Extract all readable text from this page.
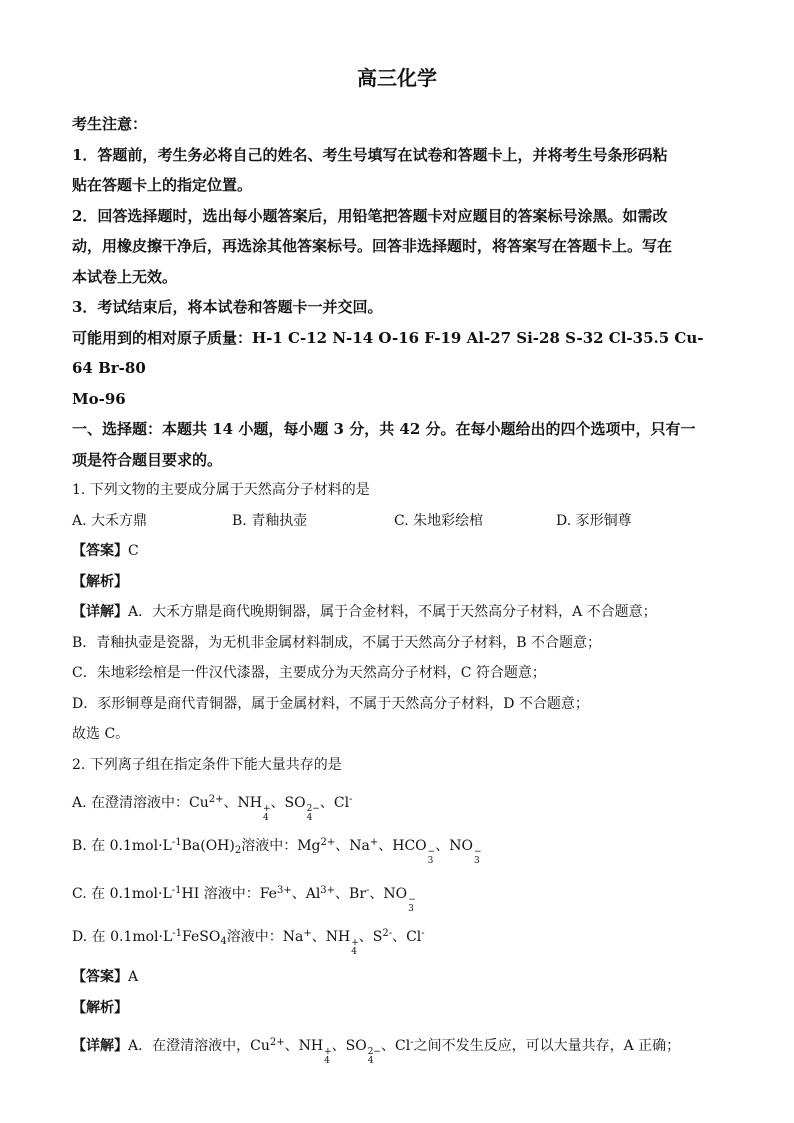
高三化学

考生注意：

1．答题前，考生务必将自己的姓名、考生号填写在试卷和答题卡上，并将考生号条形码粘

贴在答题卡上的指定位置。

2．回答选择题时，选出每小题答案后，用铅笔把答题卡对应题目的答案标号涂黑。如需改

动，用橡皮擦干净后，再选涂其他答案标号。回答非选择题时，将答案写在答题卡上。写在

本试卷上无效。

3．考试结束后，将本试卷和答题卡一并交回。

可能用到的相对原子质量：H-1 C-12 N-14 O-16 F-19 Al-27 Si-28 S-32 Cl-35.5 Cu-64 Br-80

Mo-96

一、选择题：本题共 14 小题，每小题 3 分，共 42 分。在每小题给出的四个选项中，只有一

项是符合题目要求的。

1. 下列文物的主要成分属于天然高分子材料的是

A. 大禾方鼎	B. 青釉执壶	C. 朱地彩绘棺	D. 豕形铜尊

【答案】C

【解析】

【详解】A．大禾方鼎是商代晚期铜器，属于合金材料，不属于天然高分子材料，A 不合题意；

B．青釉执壶是瓷器，为无机非金属材料制成，不属于天然高分子材料，B 不合题意；

C．朱地彩绘棺是一件汉代漆器，主要成分为天然高分子材料，C 符合题意；

D．豕形铜尊是商代青铜器，属于金属材料，不属于天然高分子材料，D 不合题意；

故选 C。

2. 下列离子组在指定条件下能大量共存的是

A. 在澄清溶液中：$Cu^{2+}$、NH +
4
、SO 2−
4
、Cl-

B. 在 $0.1mol\cdot L^{-1}Ba(OH)_2$溶液中：$Mg^{2+}$、Na+、HCO −
3
、NO −
3

C. 在 $0.1mol\cdot L^{-1}HI$ 溶液中：$Fe^{3+}$、$Al^{3+}$、Br-、NO −
3

D. 在 $0.1mol\cdot L^{-1}FeSO_4$溶液中：Na+、NH +
4
、$S^{2-}$、Cl-

【答案】A

【解析】

【详解】A．在澄清溶液中，$Cu^{2+}$、NH +
4
、SO 2−
4
、Cl-之间不发生反应，可以大量共存，A 正确；
